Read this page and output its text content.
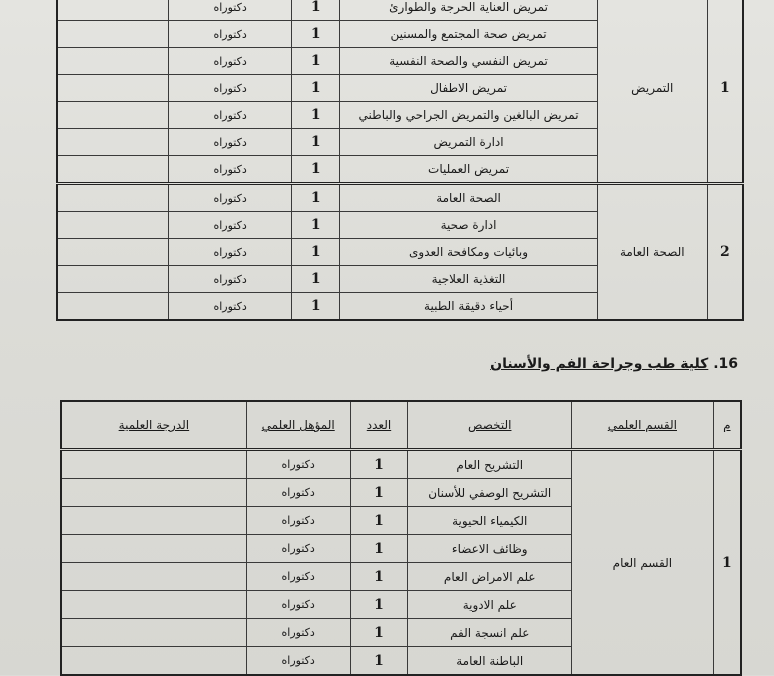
1	التمريض	تمريض العناية الحرجة والطوارئ	1	دكتوراه	
		تمريض صحة المجتمع والمسنين	1	دكتوراه	
		تمريض النفسي والصحة النفسية	1	دكتوراه	
		تمريض الاطفال	1	دكتوراه	
		تمريض البالغين والتمريض الجراحي والباطني	1	دكتوراه	
		ادارة التمريض	1	دكتوراه	
		تمريض العمليات	1	دكتوراه	
2	الصحة العامة	الصحة العامة	1	دكتوراه	
		ادارة صحية	1	دكتوراه	
		وبائيات ومكافحة العدوى	1	دكتوراه	
		التغذية العلاجية	1	دكتوراه	
		أحياء دقيقة الطبية	1	دكتوراه	
16. كلية طب وجراحة الفم والأسنان
م	القسم العلمي	التخصص	العدد	المؤهل العلمي	الدرجة العلمية
1	القسم العام	التشريح العام	1	دكتوراه	
		التشريح الوصفي للأسنان	1	دكتوراه	
		الكيمياء الحيوية	1	دكتوراه	
		وظائف الاعضاء	1	دكتوراه	
		علم الامراض العام	1	دكتوراه	
		علم الادوية	1	دكتوراه	
		علم انسجة الفم	1	دكتوراه	
		الباطنة العامة	1	دكتوراه	
